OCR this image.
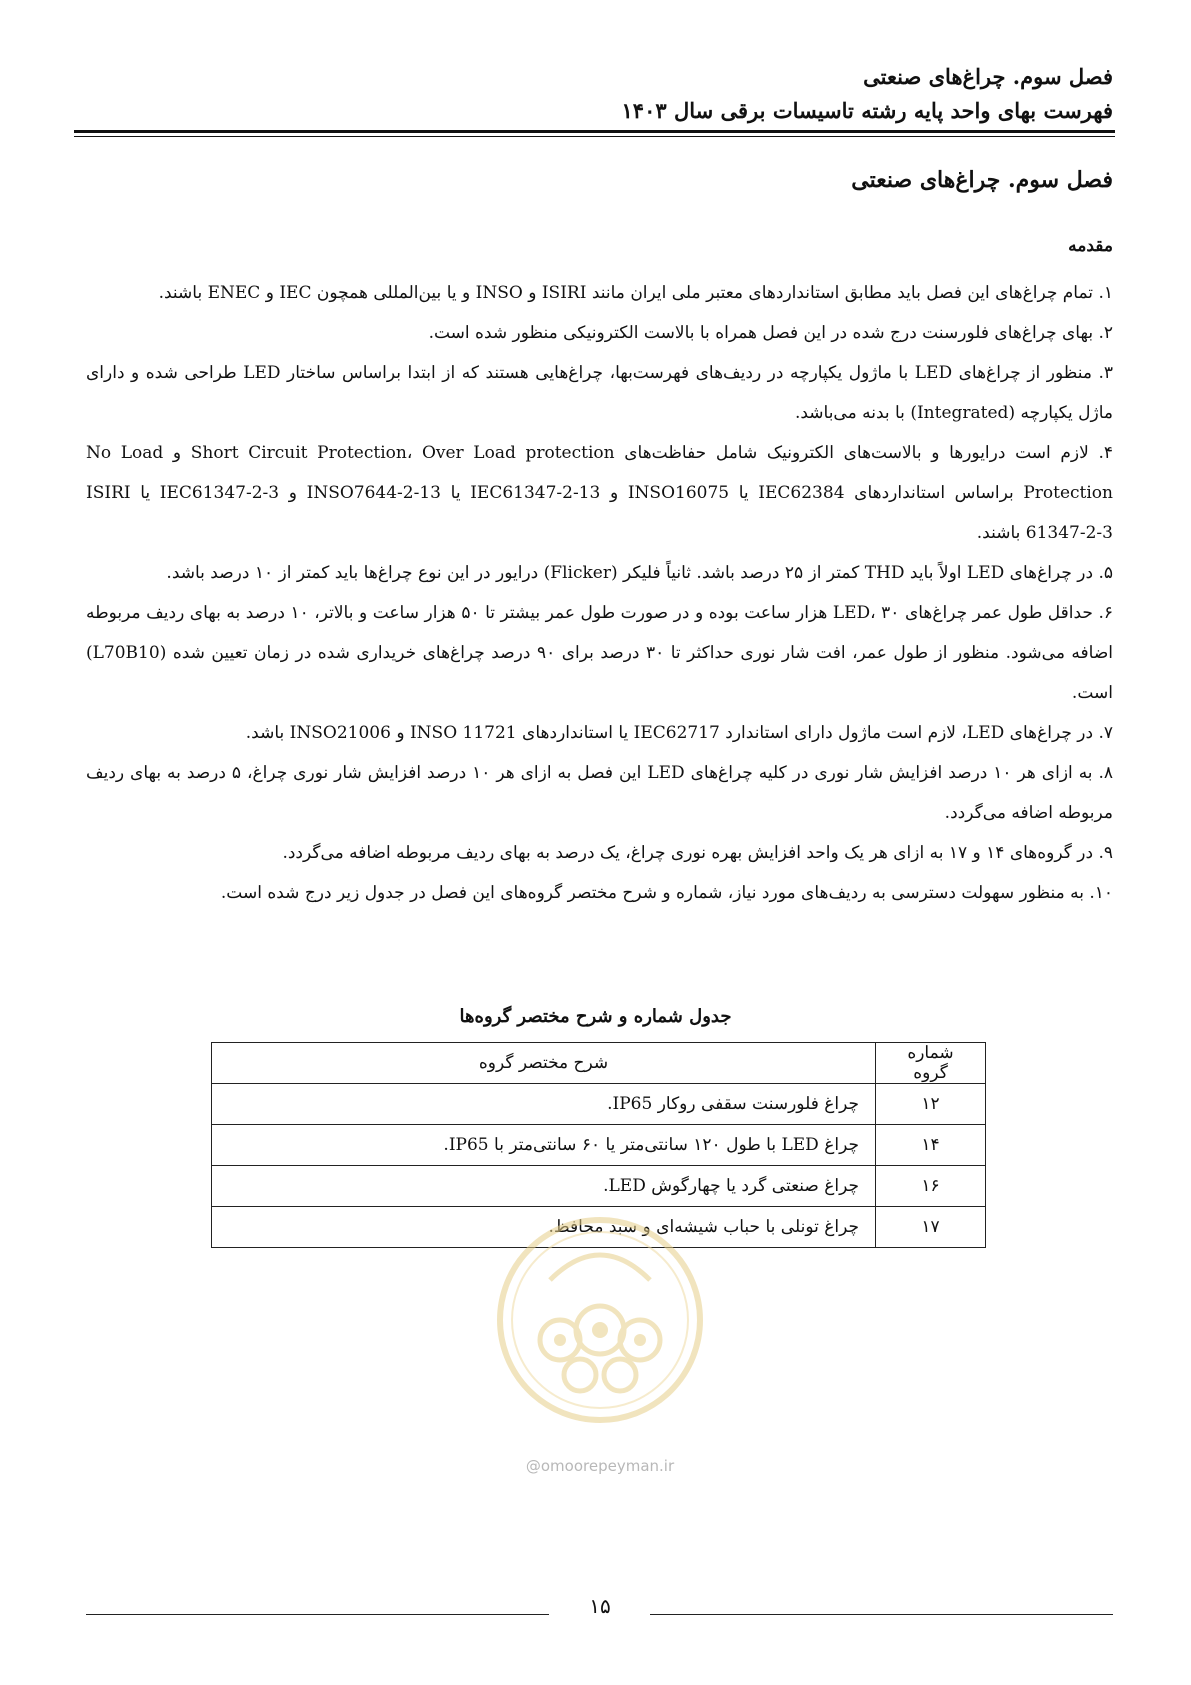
فصل سوم. چراغ‌های صنعتی
فهرست بهای واحد پایه رشته تاسیسات برقی سال ۱۴۰۳
فصل سوم. چراغ‌های صنعتی
مقدمه

۱. تمام چراغ‌های این فصل باید مطابق استانداردهای معتبر ملی ایران مانند ISIRI و INSO و یا بین‌المللی همچون IEC و ENEC باشند.

۲. بهای چراغ‌های فلورسنت درج شده در این فصل همراه با بالاست الکترونیکی منظور شده است.

۳. منظور از چراغ‌های LED با ماژول یکپارچه در ردیف‌های فهرست‌بها، چراغ‌هایی هستند که از ابتدا براساس ساختار LED طراحی شده و دارای ماژل یکپارچه (Integrated) با بدنه می‌باشد.

۴. لازم است درایورها و بالاست‌های الکترونیک شامل حفاظت‌های Short Circuit Protection، Over Load protection و No Load Protection براساس استانداردهای IEC62384 یا INSO16075 و IEC61347-2-13 یا INSO7644-2-13 و IEC61347-2-3 یا ISIRI 61347-2-3 باشند.

۵. در چراغ‌های LED اولاً باید THD کمتر از ۲۵ درصد باشد. ثانیاً فلیکر (Flicker) درایور در این نوع چراغ‌ها باید کمتر از ۱۰ درصد باشد.

۶. حداقل طول عمر چراغ‌های LED، ۳۰ هزار ساعت بوده و در صورت طول عمر بیشتر تا ۵۰ هزار ساعت و بالاتر، ۱۰ درصد به بهای ردیف مربوطه اضافه می‌شود. منظور از طول عمر، افت شار نوری حداکثر تا ۳۰ درصد برای ۹۰ درصد چراغ‌های خریداری شده در زمان تعیین شده (L70B10) است.

۷. در چراغ‌های LED، لازم است ماژول دارای استاندارد IEC62717 یا استانداردهای INSO 11721 و INSO21006 باشد.

۸. به ازای هر ۱۰ درصد افزایش شار نوری در کلیه چراغ‌های LED این فصل به ازای هر ۱۰ درصد افزایش شار نوری چراغ، ۵ درصد به بهای ردیف مربوطه اضافه می‌گردد.

۹. در گروه‌های ۱۴ و ۱۷ به ازای هر یک واحد افزایش بهره نوری چراغ، یک درصد به بهای ردیف مربوطه اضافه می‌گردد.

۱۰. به منظور سهولت دسترسی به ردیف‌های مورد نیاز، شماره و شرح مختصر گروه‌های این فصل در جدول زیر درج شده است.

جدول شماره و شرح مختصر گروه‌ها
شماره گروه	شرح مختصر گروه
۱۲	چراغ فلورسنت سقفی روکار IP65.
۱۴	چراغ LED با طول ۱۲۰ سانتی‌متر یا ۶۰ سانتی‌متر با IP65.
۱۶	چراغ صنعتی گرد یا چهارگوش LED.
۱۷	چراغ تونلی با حباب شیشه‌ای و سبد محافظ.
@omoorepeyman.ir
۱۵
